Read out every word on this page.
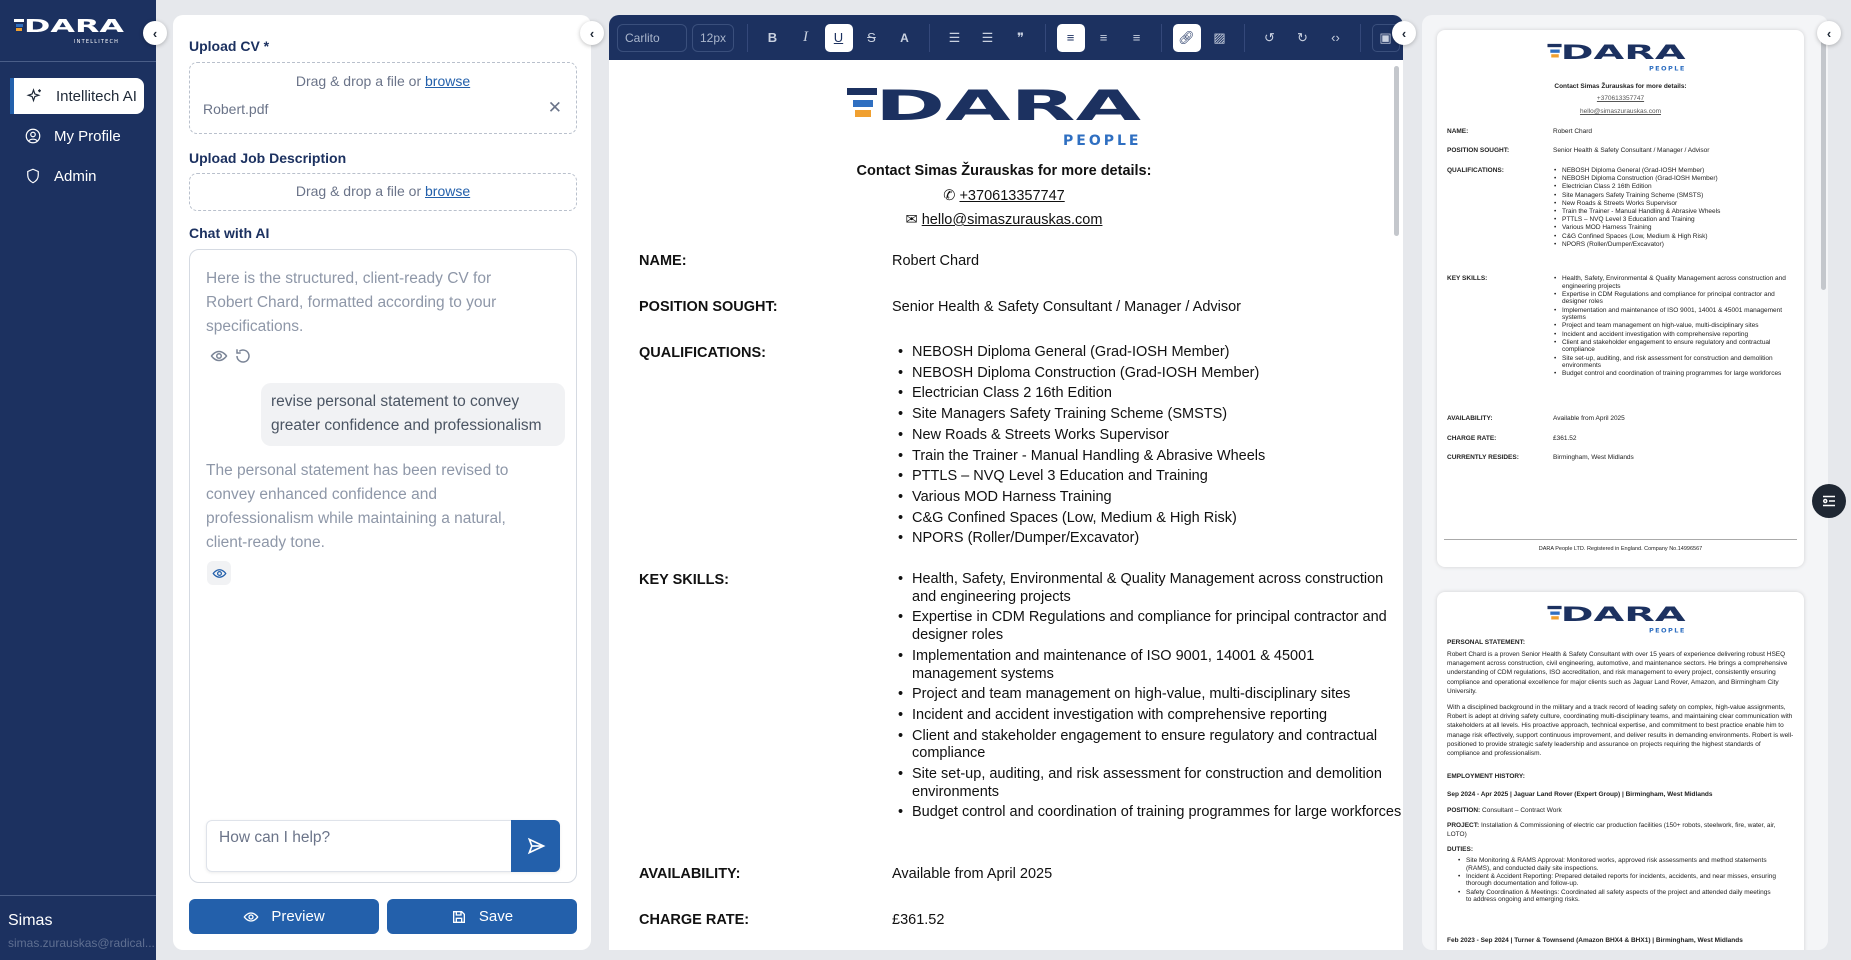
DARA
INTELLITECH
Intellitech AI
My Profile
Admin
Simas
simas.zurauskas@radical...
‹
Upload CV *
Drag & drop a file or browse
Robert.pdf	✕
Upload Job Description
Drag & drop a file or browse
Chat with AI
Here is the structured, client-ready CV for Robert Chard, formatted according to your specifications.
revise personal statement to convey greater confidence and professionalism
The personal statement has been revised to convey enhanced confidence and professionalism while maintaining a natural, client-ready tone.
How can I help?
Preview	Save
‹	Carlito	12px	B	I	U	S	A	☰	☰	❞	≡	≡	≡	🔗︎	▨	↺	↻	‹›	▣
DARA
PEOPLE
Contact Simas Žurauskas for more details:
✆ +370613357747
✉ hello@simaszurauskas.com
NAME:	Robert Chard
POSITION SOUGHT:	Senior Health & Safety Consultant / Manager / Advisor
QUALIFICATIONS:	• NEBOSH Diploma General (Grad-IOSH Member)
• NEBOSH Diploma Construction (Grad-IOSH Member)
• Electrician Class 2 16th Edition
• Site Managers Safety Training Scheme (SMSTS)
• New Roads & Streets Works Supervisor
• Train the Trainer - Manual Handling & Abrasive Wheels
• PTTLS – NVQ Level 3 Education and Training
• Various MOD Harness Training
• C&G Confined Spaces (Low, Medium & High Risk)
• NPORS (Roller/Dumper/Excavator)
KEY SKILLS:	• Health, Safety, Environmental & Quality Management across construction and engineering projects
• Expertise in CDM Regulations and compliance for principal contractor and designer roles
• Implementation and maintenance of ISO 9001, 14001 & 45001 management systems
• Project and team management on high-value, multi-disciplinary sites
• Incident and accident investigation with comprehensive reporting
• Client and stakeholder engagement to ensure regulatory and contractual compliance
• Site set-up, auditing, and risk assessment for construction and demolition environments
• Budget control and coordination of training programmes for large workforces
AVAILABILITY:	Available from April 2025
CHARGE RATE:	£361.52
‹
DARA
PEOPLE
Contact Simas Žurauskas for more details:
+370613357747
hello@simaszurauskas.com
NAME:	Robert Chard
POSITION SOUGHT:	Senior Health & Safety Consultant / Manager / Advisor
QUALIFICATIONS:	• NEBOSH Diploma General (Grad-IOSH Member)
• NEBOSH Diploma Construction (Grad-IOSH Member)
• Electrician Class 2 16th Edition
• Site Managers Safety Training Scheme (SMSTS)
• New Roads & Streets Works Supervisor
• Train the Trainer - Manual Handling & Abrasive Wheels
• PTTLS – NVQ Level 3 Education and Training
• Various MOD Harness Training
• C&G Confined Spaces (Low, Medium & High Risk)
• NPORS (Roller/Dumper/Excavator)
KEY SKILLS:	• Health, Safety, Environmental & Quality Management across construction and engineering projects
• Expertise in CDM Regulations and compliance for principal contractor and designer roles
• Implementation and maintenance of ISO 9001, 14001 & 45001 management systems
• Project and team management on high-value, multi-disciplinary sites
• Incident and accident investigation with comprehensive reporting
• Client and stakeholder engagement to ensure regulatory and contractual compliance
• Site set-up, auditing, and risk assessment for construction and demolition environments
• Budget control and coordination of training programmes for large workforces
AVAILABILITY:	Available from April 2025
CHARGE RATE:	£361.52
CURRENTLY RESIDES:	Birmingham, West Midlands
DARA People LTD. Registered in England. Company No.14996567
DARA
PEOPLE
PERSONAL STATEMENT:
Robert Chard is a proven Senior Health & Safety Consultant with over 15 years of experience delivering robust HSEQ management across construction, civil engineering, automotive, and maintenance sectors. He brings a comprehensive understanding of CDM regulations, ISO accreditation, and risk management to every project, consistently ensuring compliance and operational excellence for major clients such as Jaguar Land Rover, Amazon, and Birmingham City University.
With a disciplined background in the military and a track record of leading safety on complex, high-value assignments, Robert is adept at driving safety culture, coordinating multi-disciplinary teams, and maintaining clear communication with stakeholders at all levels. His proactive approach, technical expertise, and commitment to best practice enable him to manage risk effectively, support continuous improvement, and deliver results in demanding environments. Robert is well-positioned to provide strategic safety leadership and assurance on projects requiring the highest standards of compliance and professionalism.
EMPLOYMENT HISTORY:
Sep 2024 - Apr 2025 | Jaguar Land Rover (Expert Group) | Birmingham, West Midlands
POSITION: Consultant – Contract Work
PROJECT: Installation & Commissioning of electric car production facilities (150+ robots, steelwork, fire, water, air, LOTO)
DUTIES:
• Site Monitoring & RAMS Approval: Monitored works, approved risk assessments and method statements (RAMS), and conducted daily site inspections.
• Incident & Accident Reporting: Prepared detailed reports for incidents, accidents, and near misses, ensuring thorough documentation and follow-up.
• Safety Coordination & Meetings: Coordinated all safety aspects of the project and attended daily meetings to address ongoing and emerging risks.
Feb 2023 - Sep 2024 | Turner & Townsend (Amazon BHX4 & BHX1) | Birmingham, West Midlands
‹
